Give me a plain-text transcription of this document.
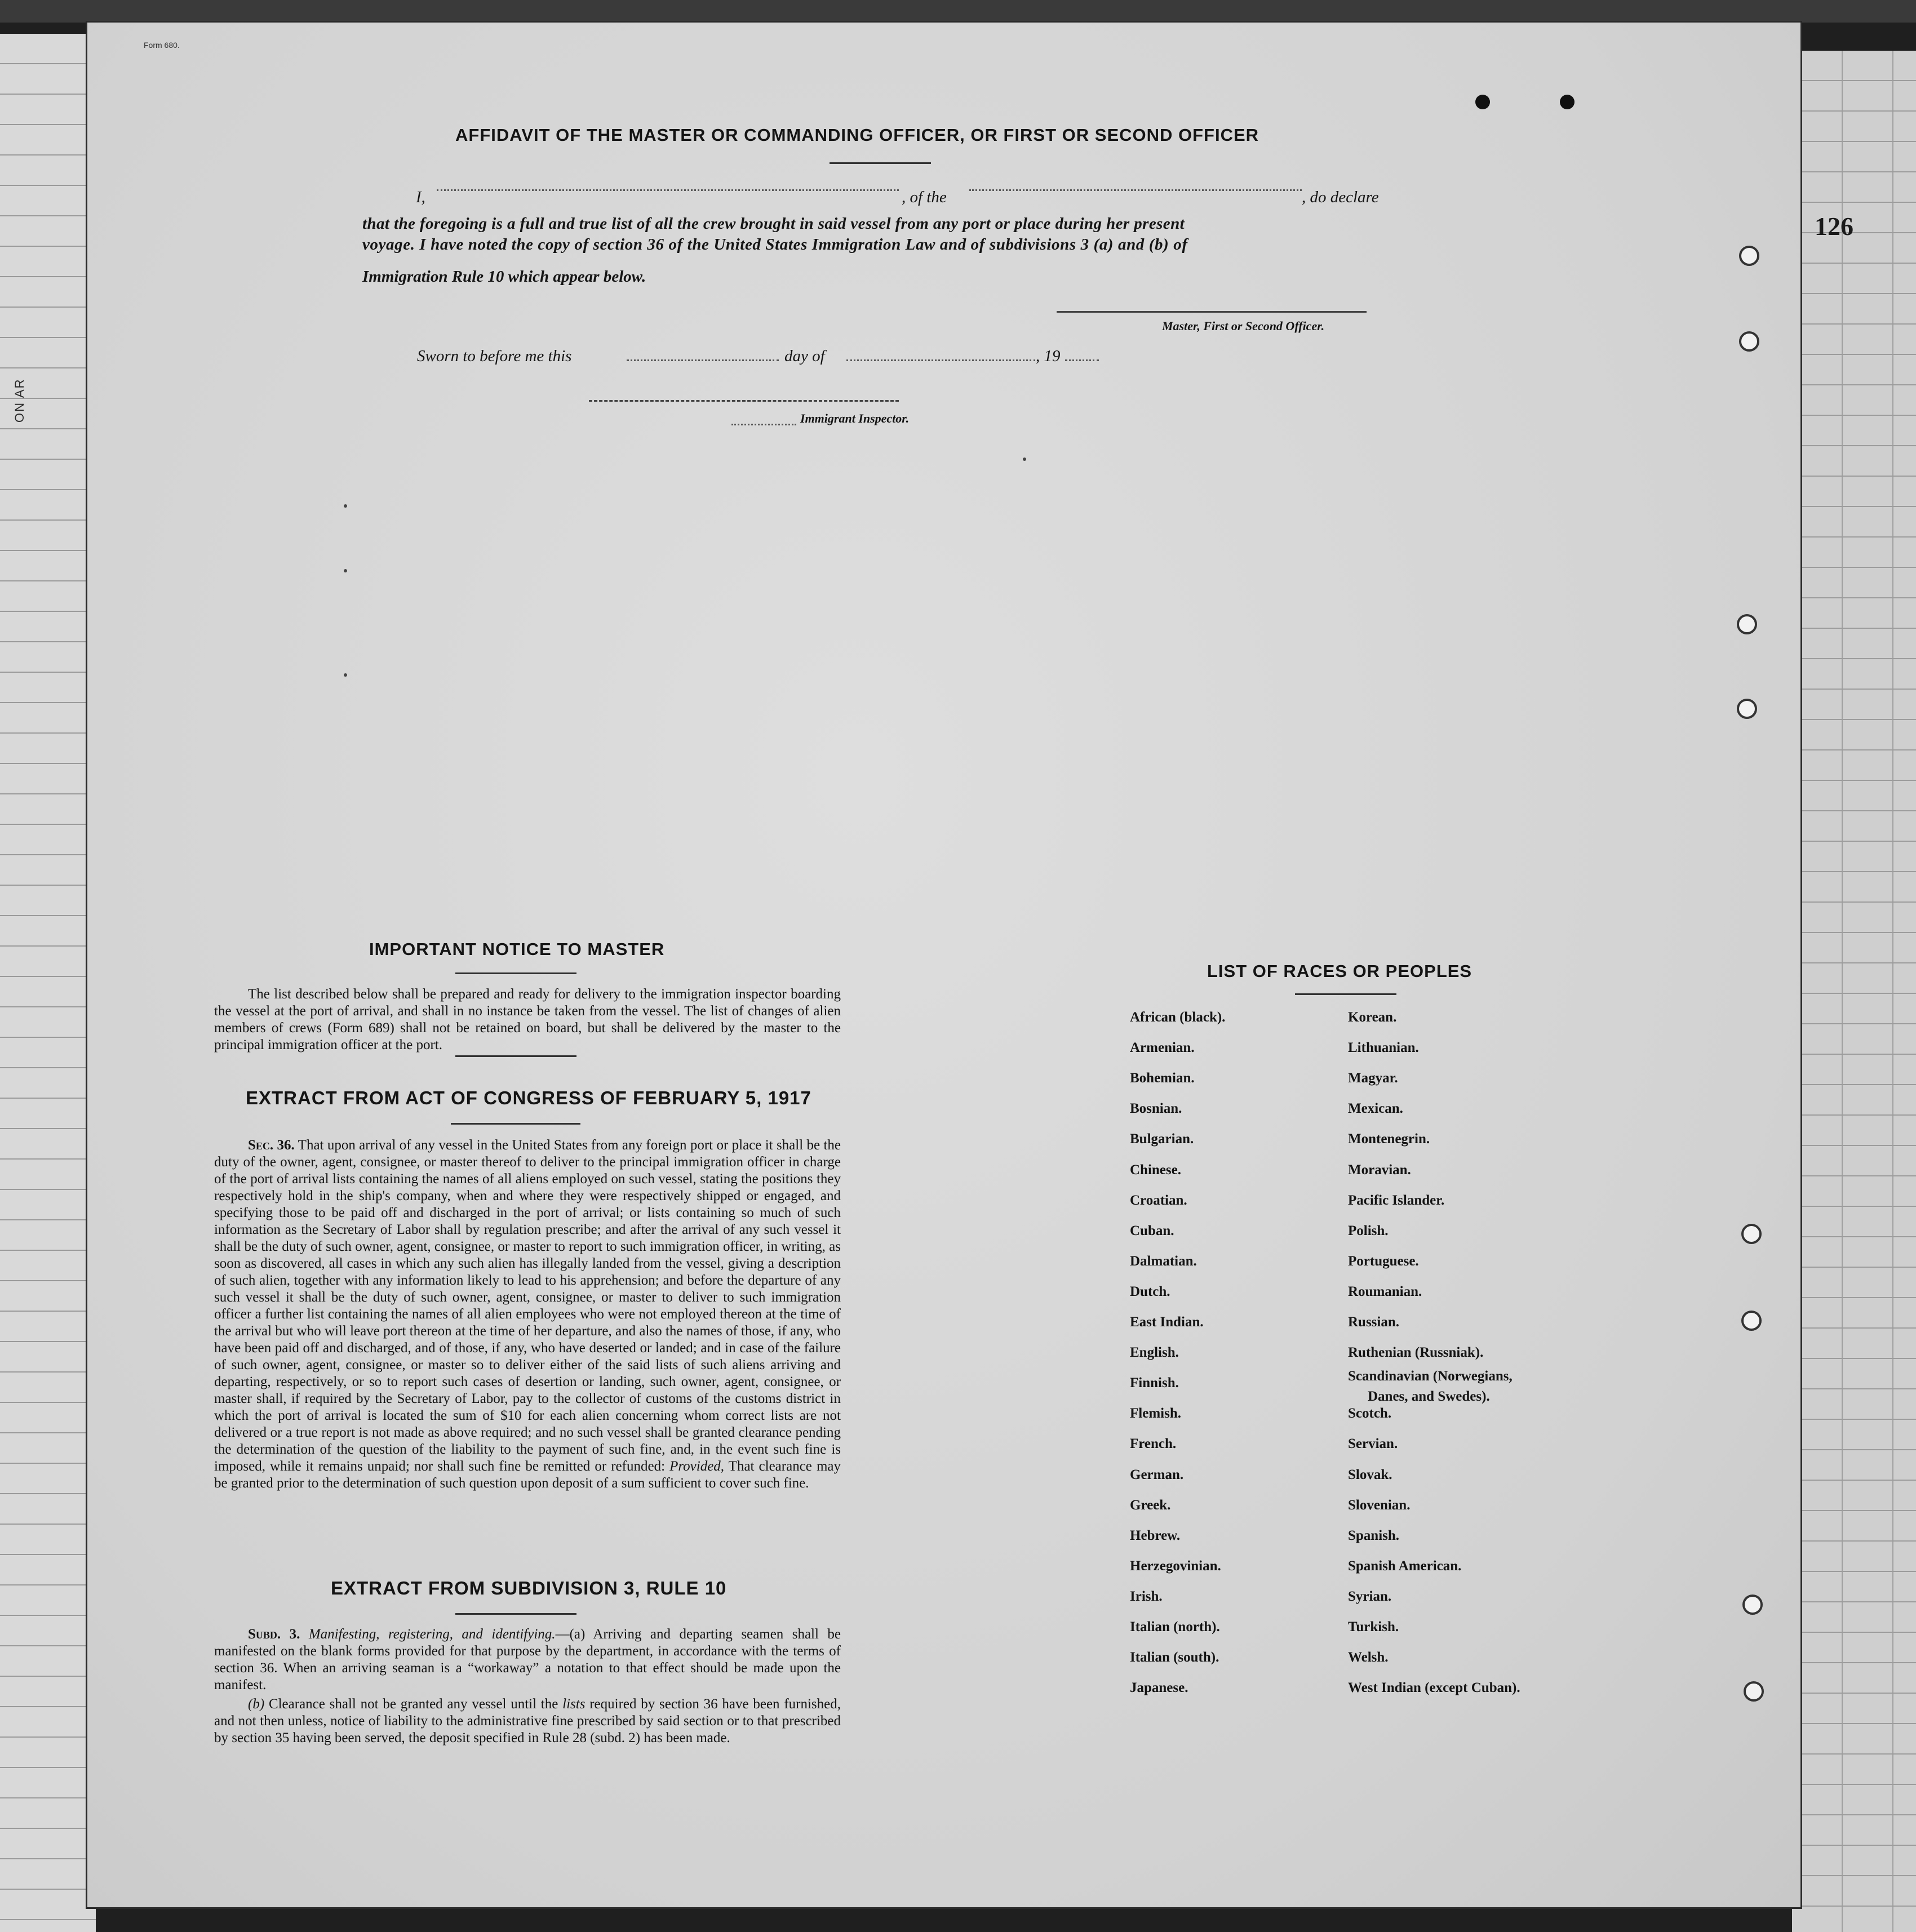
ON AR
126
Form 680.
AFFIDAVIT OF THE MASTER OR COMMANDING OFFICER, OR FIRST OR SECOND OFFICER
I,	, of the	, do declare
that the foregoing is a full and true list of all the crew brought in said vessel from any port or place during her present
voyage. I have noted the copy of section 36 of the United States Immigration Law and of subdivisions 3 (a) and (b) of
Immigration Rule 10 which appear below.
Master, First or Second Officer.
Sworn to before me this	day of	, 19
Immigrant Inspector.
IMPORTANT NOTICE TO MASTER
The list described below shall be prepared and ready for delivery to the immigration inspector boarding the vessel at the port of arrival, and shall in no instance be taken from the vessel. The list of changes of alien members of crews (Form 689) shall not be retained on board, but shall be delivered by the master to the principal immigration officer at the port.
EXTRACT FROM ACT OF CONGRESS OF FEBRUARY 5, 1917
Sec. 36. That upon arrival of any vessel in the United States from any foreign port or place it shall be the duty of the owner, agent, consignee, or master thereof to deliver to the principal immigration officer in charge of the port of arrival lists containing the names of all aliens employed on such vessel, stating the positions they respectively hold in the ship's company, when and where they were respectively shipped or engaged, and specifying those to be paid off and discharged in the port of arrival; or lists containing so much of such information as the Secretary of Labor shall by regulation prescribe; and after the arrival of any such vessel it shall be the duty of such owner, agent, consignee, or master to report to such immigration officer, in writing, as soon as discovered, all cases in which any such alien has illegally landed from the vessel, giving a description of such alien, together with any information likely to lead to his apprehension; and before the departure of any such vessel it shall be the duty of such owner, agent, consignee, or master to deliver to such immigration officer a further list containing the names of all alien employees who were not employed thereon at the time of the arrival but who will leave port thereon at the time of her departure, and also the names of those, if any, who have been paid off and discharged, and of those, if any, who have deserted or landed; and in case of the failure of such owner, agent, consignee, or master so to deliver either of the said lists of such aliens arriving and departing, respectively, or so to report such cases of desertion or landing, such owner, agent, consignee, or master shall, if required by the Secretary of Labor, pay to the collector of customs of the customs district in which the port of arrival is located the sum of $10 for each alien concerning whom correct lists are not delivered or a true report is not made as above required; and no such vessel shall be granted clearance pending the determination of the question of the liability to the payment of such fine, and, in the event such fine is imposed, while it remains unpaid; nor shall such fine be remitted or refunded: Provided, That clearance may be granted prior to the determination of such question upon deposit of a sum sufficient to cover such fine.
EXTRACT FROM SUBDIVISION 3, RULE 10
Subd. 3. Manifesting, registering, and identifying.—(a) Arriving and departing seamen shall be manifested on the blank forms provided for that purpose by the department, in accordance with the terms of section 36. When an arriving seaman is a “workaway” a notation to that effect should be made upon the manifest.
(b) Clearance shall not be granted any vessel until the lists required by section 36 have been furnished, and not then unless, notice of liability to the administrative fine prescribed by said section or to that prescribed by section 35 having been served, the deposit specified in Rule 28 (subd. 2) has been made.
LIST OF RACES OR PEOPLES
African (black).
Armenian.
Bohemian.
Bosnian.
Bulgarian.
Chinese.
Croatian.
Cuban.
Dalmatian.
Dutch.
East Indian.
English.
Finnish.
Flemish.
French.
German.
Greek.
Hebrew.
Herzegovinian.
Irish.
Italian (north).
Italian (south).
Japanese.
Korean.
Lithuanian.
Magyar.
Mexican.
Montenegrin.
Moravian.
Pacific Islander.
Polish.
Portuguese.
Roumanian.
Russian.
Ruthenian (Russniak).
Scandinavian (Norwegians,
Danes, and Swedes).
Scotch.
Servian.
Slovak.
Slovenian.
Spanish.
Spanish American.
Syrian.
Turkish.
Welsh.
West Indian (except Cuban).
